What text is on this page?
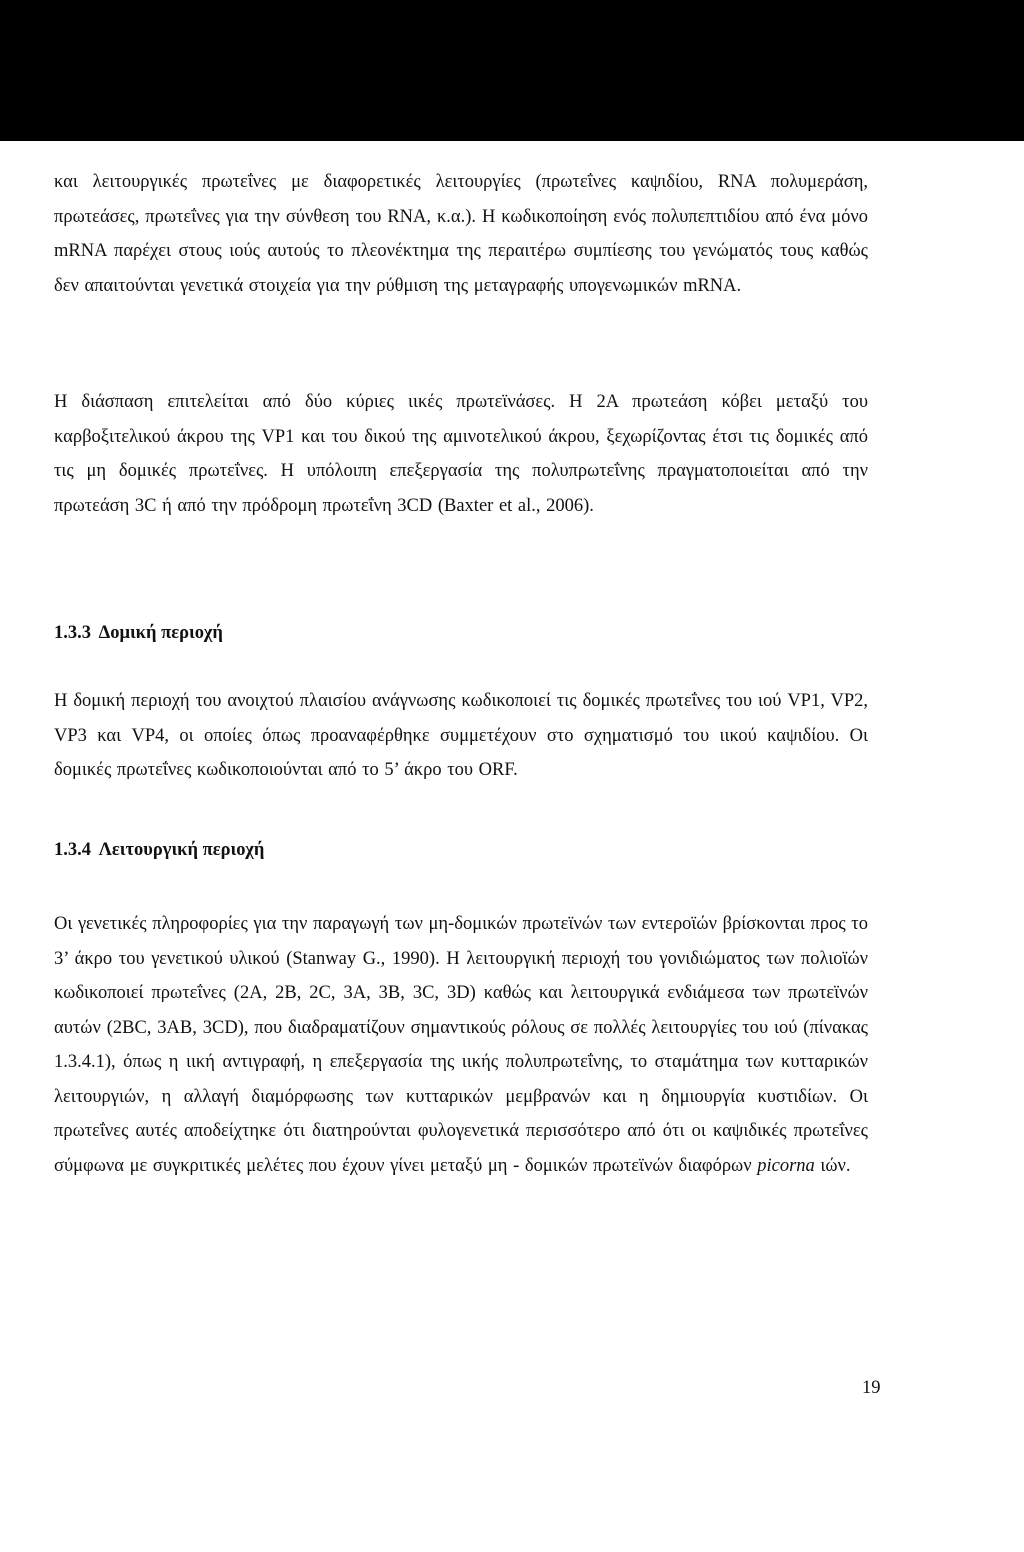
και λειτουργικές πρωτεΐνες με διαφορετικές λειτουργίες (πρωτεΐνες καψιδίου, RNA πολυμεράση, πρωτεάσες, πρωτεΐνες για την σύνθεση του RNA, κ.α.). Η κωδικοποίηση ενός πολυπεπτιδίου από ένα μόνο mRNA παρέχει στους ιούς αυτούς το πλεονέκτημα της περαιτέρω συμπίεσης του γενώματός τους καθώς δεν απαιτούνται γενετικά στοιχεία για την ρύθμιση της μεταγραφής υπογενωμικών mRNA.

Η διάσπαση επιτελείται από δύο κύριες ιικές πρωτεϊνάσες. Η 2A πρωτεάση κόβει μεταξύ του καρβοξιτελικού άκρου της VP1 και του δικού της αμινοτελικού άκρου, ξεχωρίζοντας έτσι τις δομικές από τις μη δομικές πρωτεΐνες. Η υπόλοιπη επεξεργασία της πολυπρωτεΐνης πραγματοποιείται από την πρωτεάση 3C ή από την πρόδρομη πρωτεΐνη 3CD (Baxter et al., 2006).

1.3.3 Δομική περιοχή

Η δομική περιοχή του ανοιχτού πλαισίου ανάγνωσης κωδικοποιεί τις δομικές πρωτεΐνες του ιού VP1, VP2, VP3 και VP4, οι οποίες όπως προαναφέρθηκε συμμετέχουν στο σχηματισμό του ιικού καψιδίου. Οι δομικές πρωτεΐνες κωδικοποιούνται από το 5’ άκρο του ORF.

1.3.4 Λειτουργική περιοχή

Οι γενετικές πληροφορίες για την παραγωγή των μη-δομικών πρωτεϊνών των εντεροϊών βρίσκονται προς το 3’ άκρο του γενετικού υλικού (Stanway G., 1990). Η λειτουργική περιοχή του γονιδιώματος των πολιοϊών κωδικοποιεί πρωτεΐνες (2A, 2B, 2C, 3A, 3B, 3C, 3D) καθώς και λειτουργικά ενδιάμεσα των πρωτεϊνών αυτών (2BC, 3AB, 3CD), που διαδραματίζουν σημαντικούς ρόλους σε πολλές λειτουργίες του ιού (πίνακας 1.3.4.1), όπως η ιική αντιγραφή, η επεξεργασία της ιικής πολυπρωτεΐνης, το σταμάτημα των κυτταρικών λειτουργιών, η αλλαγή διαμόρφωσης των κυτταρικών μεμβρανών και η δημιουργία κυστιδίων. Οι πρωτεΐνες αυτές αποδείχτηκε ότι διατηρούνται φυλογενετικά περισσότερο από ότι οι καψιδικές πρωτεΐνες σύμφωνα με συγκριτικές μελέτες που έχουν γίνει μεταξύ μη - δομικών πρωτεϊνών διαφόρων picorna ιών.

19
